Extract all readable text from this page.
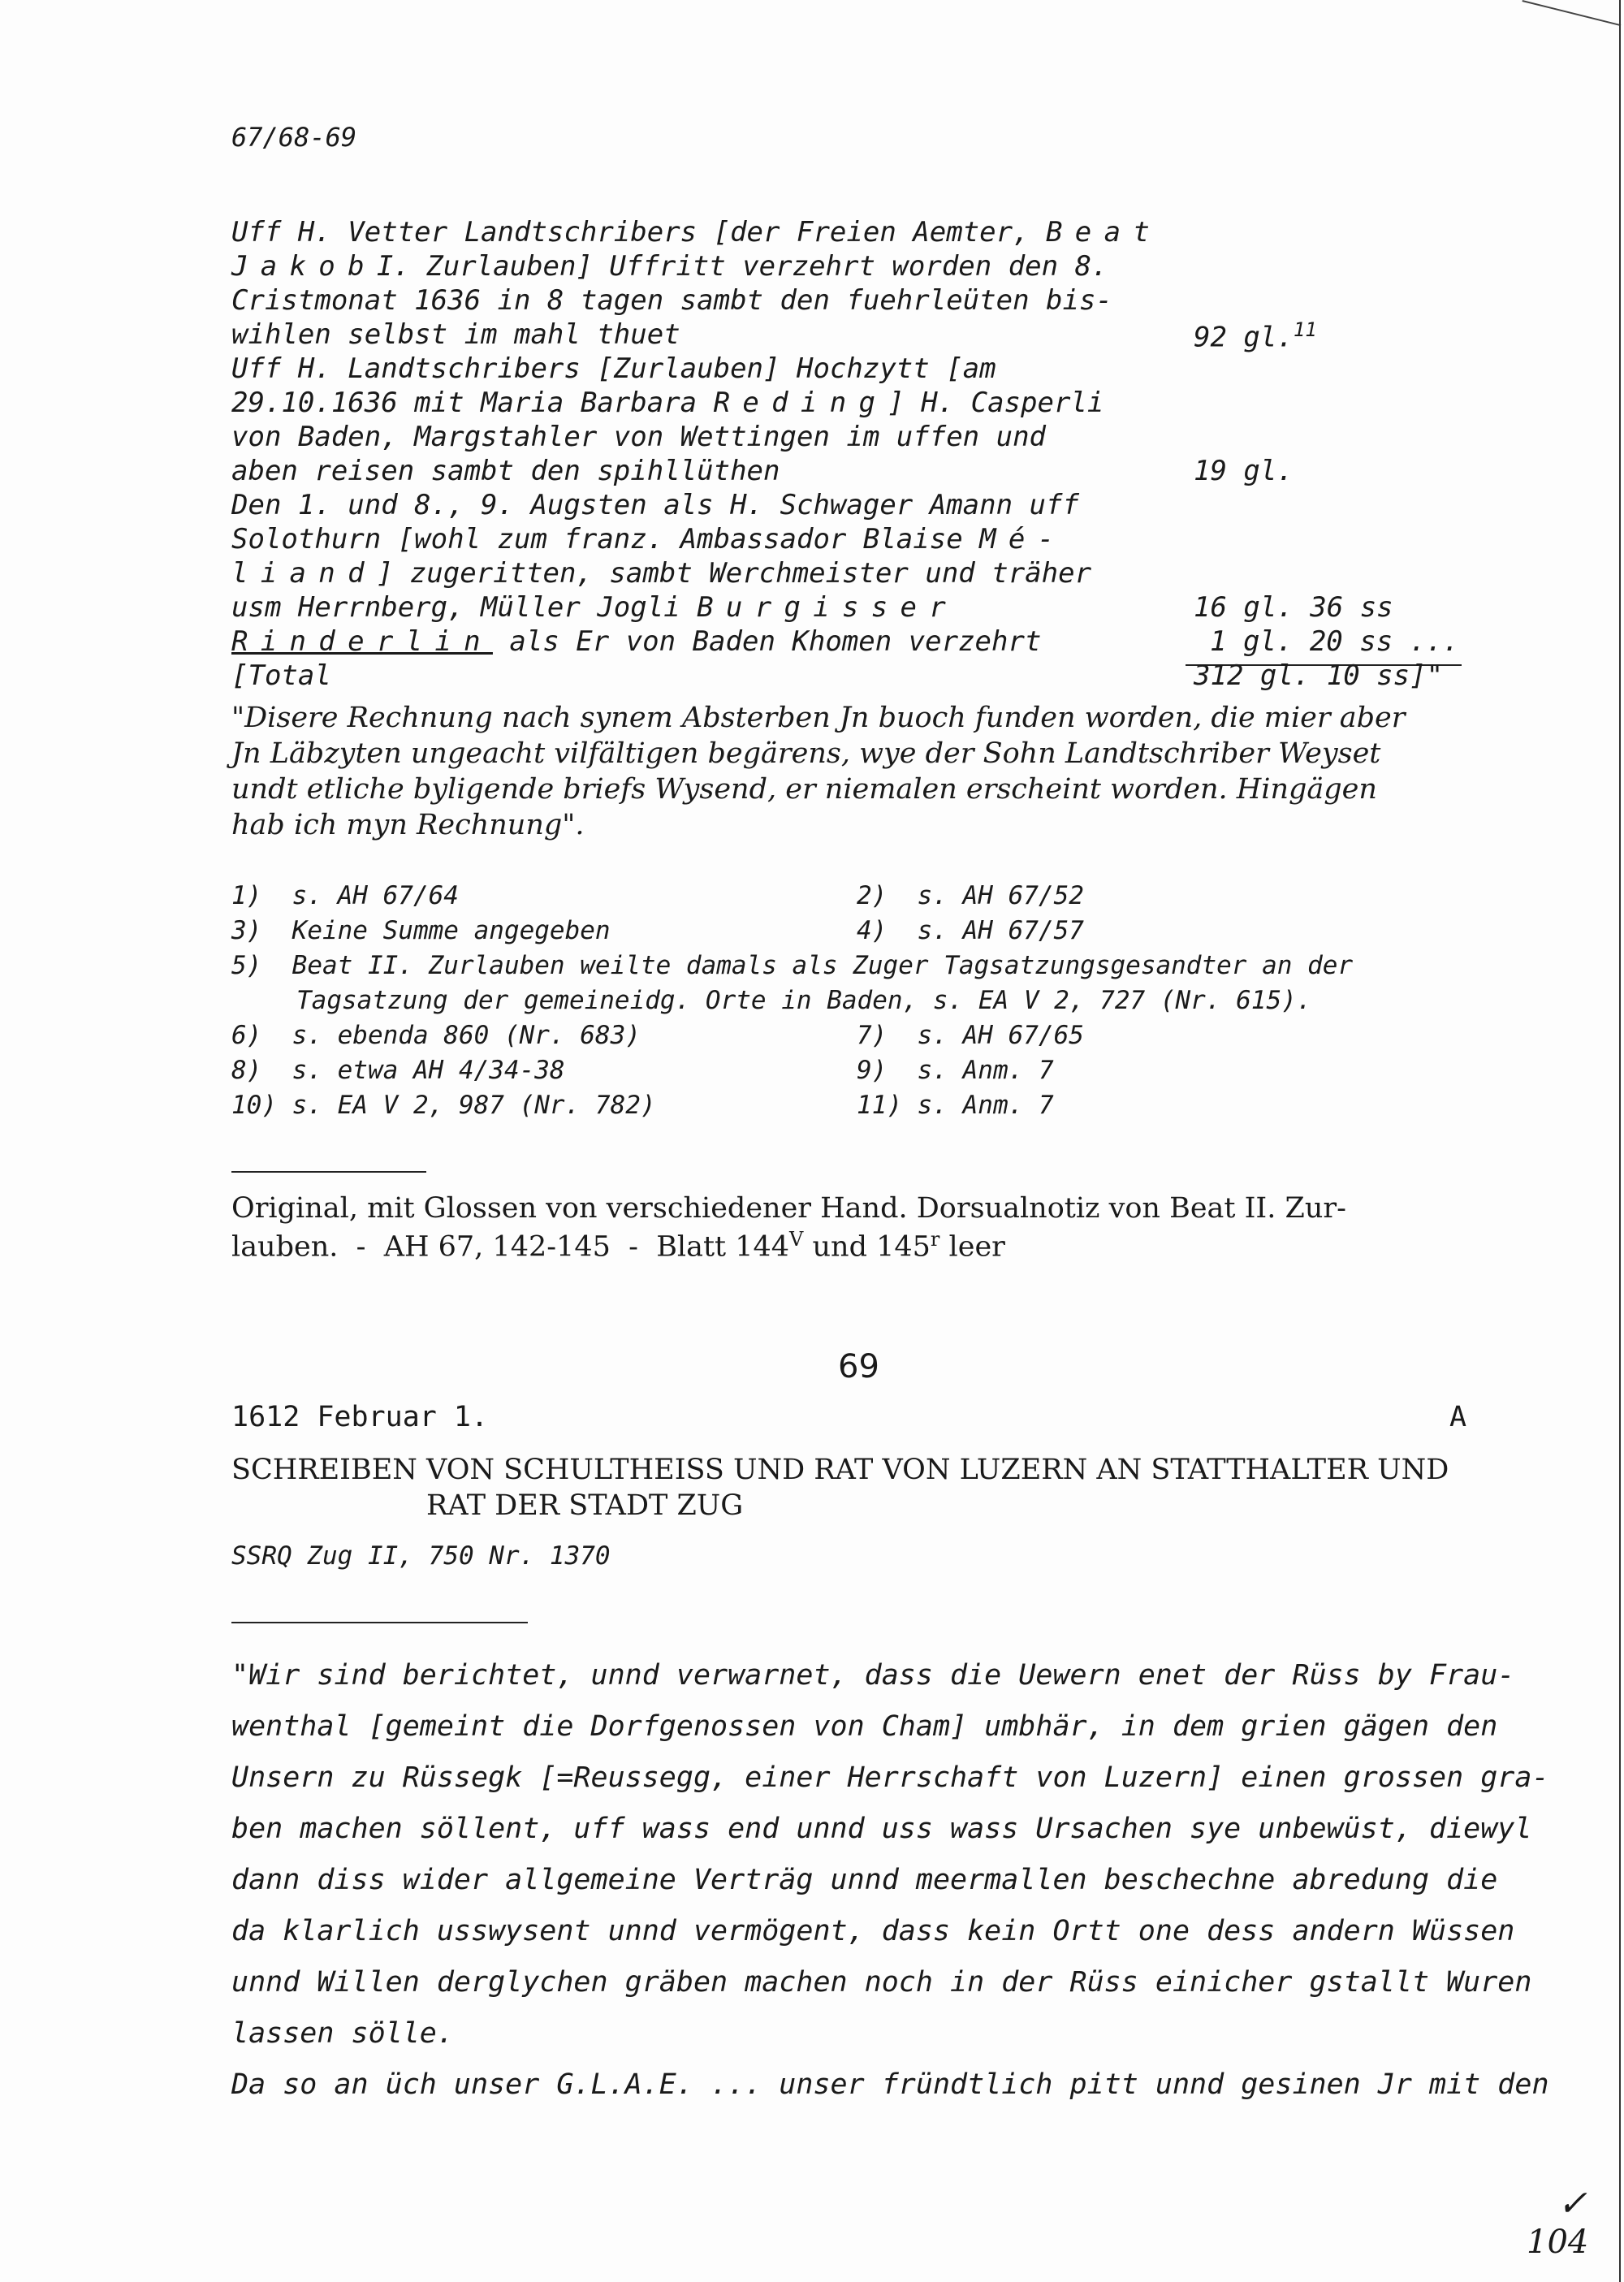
67/68-69
Uff H. Vetter Landtschribers [der Freien Aemter, Beat
JakobI. Zurlauben] Uffritt verzehrt worden den 8.
Cristmonat 1636 in 8 tagen sambt den fuehrleüten bis-
wihlen selbst im mahl thuet	92 gl.$^{11}$
Uff H. Landtschribers [Zurlauben] Hochzytt [am
29.10.1636 mit Maria Barbara Reding] H. Casperli
von Baden, Margstahler von Wettingen im uffen und
aben reisen sambt den spihllüthen	19 gl.
Den 1. und 8., 9. Augsten als H. Schwager Amann uff
Solothurn [wohl zum franz. Ambassador Blaise Mé-
liand] zugeritten, sambt Werchmeister und träher
usm Herrnberg, Müller Jogli Burgisser	16 gl. 36 ss
Rinderlin als Er von Baden Khomen verzehrt	1 gl. 20 ss ...
[Total	312 gl. 10 ss]"
"Disere Rechnung nach synem Absterben Jn buoch funden worden, die mier aber
Jn Läbzyten ungeacht vilfältigen begärens, wye der Sohn Landtschriber Weyset
undt etliche byligende briefs Wysend, er niemalen erscheint worden. Hingägen
hab ich myn Rechnung".
1)  s. AH 67/64	2)  s. AH 67/52
3)  Keine Summe angegeben	4)  s. AH 67/57
5)  Beat II. Zurlauben weilte damals als Zuger Tagsatzungsgesandter an der
Tagsatzung der gemeineidg. Orte in Baden, s. EA V 2, 727 (Nr. 615).
6)  s. ebenda 860 (Nr. 683)	7)  s. AH 67/65
8)  s. etwa AH 4/34-38	9)  s. Anm. 7
10) s. EA V 2, 987 (Nr. 782)	11) s. Anm. 7
Original, mit Glossen von verschiedener Hand. Dorsualnotiz von Beat II. Zur-
lauben.  -  AH 67, 142-145  -  Blatt $144^V$ und 145$^r$ leer
69
1612 Februar 1.	A
SCHREIBEN VON SCHULTHEISS UND RAT VON LUZERN AN STATTHALTER UND
RAT DER STADT ZUG
SSRQ Zug II, 750 Nr. 1370
"Wir sind berichtet, unnd verwarnet, dass die Uewern enet der Rüss by Frau-
wenthal [gemeint die Dorfgenossen von Cham] umbhär, in dem grien gägen den
Unsern zu Rüssegk [=Reussegg, einer Herrschaft von Luzern] einen grossen gra-
ben machen söllent, uff wass end unnd uss wass Ursachen sye unbewüst, diewyl
dann diss wider allgemeine Verträg unnd meermallen beschechne abredung die
da klarlich usswysent unnd vermögent, dass kein Ortt one dess andern Wüssen
unnd Willen derglychen gräben machen noch in der Rüss einicher gstallt Wuren
lassen sölle.
Da so an üch unser G.L.A.E. ... unser fründtlich pitt unnd gesinen Jr mit den
✓
104
